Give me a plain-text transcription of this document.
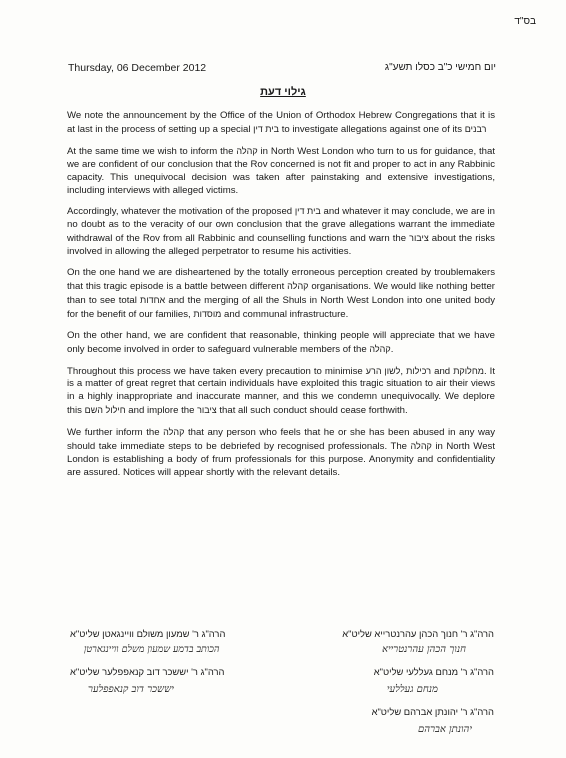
בס"ד
Thursday, 06 December 2012	יום חמישי כ"ב כסלו תשע"ג
גילוי דעת

We note the announcement by the Office of the Union of Orthodox Hebrew Congregations that it is at last in the process of setting up a special בית דין to investigate allegations against one of its רבנים

At the same time we wish to inform the קהלה in North West London who turn to us for guidance, that we are confident of our conclusion that the Rov concerned is not fit and proper to act in any Rabbinic capacity. This unequivocal decision was taken after painstaking and extensive investigations, including interviews with alleged victims.

Accordingly, whatever the motivation of the proposed בית דין and whatever it may conclude, we are in no doubt as to the veracity of our own conclusion that the grave allegations warrant the immediate withdrawal of the Rov from all Rabbinic and counselling functions and warn the ציבור about the risks involved in allowing the alleged perpetrator to resume his activities.

On the one hand we are disheartened by the totally erroneous perception created by troublemakers that this tragic episode is a battle between different קהלה organisations. We would like nothing better than to see total אחדות and the merging of all the Shuls in North West London into one united body for the benefit of our families, מוסדות and communal infrastructure.

On the other hand, we are confident that reasonable, thinking people will appreciate that we have only become involved in order to safeguard vulnerable members of the קהלה.

Throughout this process we have taken every precaution to minimise לשון הרע, רכילות and מחלוקת. It is a matter of great regret that certain individuals have exploited this tragic situation to air their views in a highly inappropriate and inaccurate manner, and this we condemn unequivocally. We deplore this חילול השם and implore the ציבור that all such conduct should cease forthwith.

We further inform the קהלה that any person who feels that he or she has been abused in any way should take immediate steps to be debriefed by recognised professionals. The קהלה in North West London is establishing a body of frum professionals for this purpose. Anonymity and confidentiality are assured. Notices will appear shortly with the relevant details.

הרה"ג ר' חנוך הכהן עהרנטרייא שליט"א
חנוך הכהן עהרנטרייא
הרה"ג ר' מנחם געללעי שליט"א
מנחם געללעי
הרה"ג ר' יהונתן אברהם שליט"א
יהונתן אברהם
הרה"ג ר' שמעון משולם וויינגאטן שליט"א
הכותב בדמע שמעון משלם וויינגארטן
הרה"ג ר' יששכר דוב קנאפפלער שליט"א
יששכר דוב קנאפפלער
